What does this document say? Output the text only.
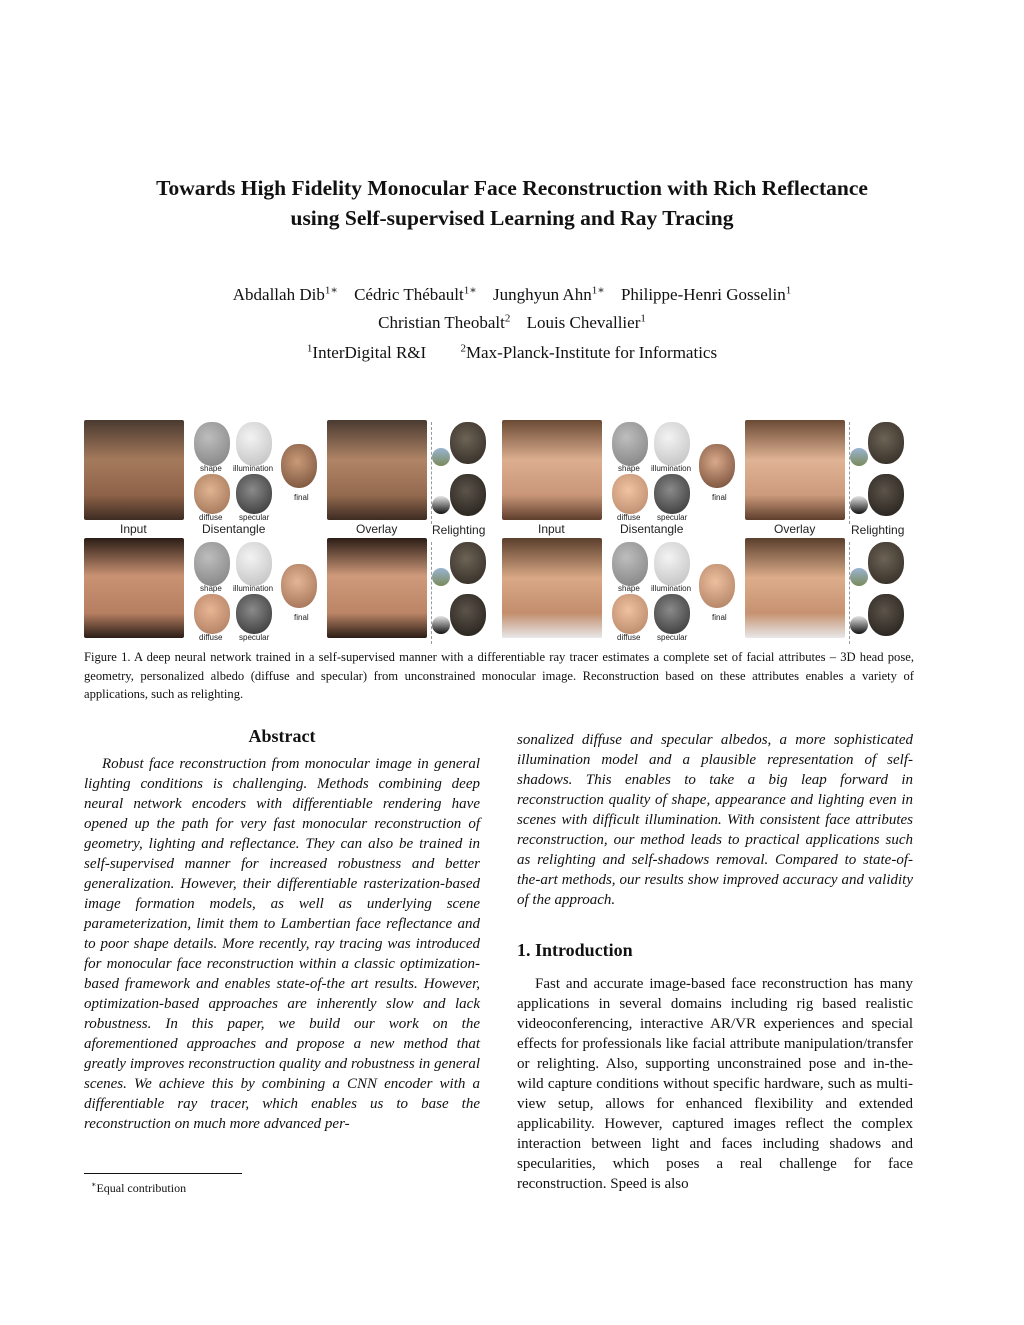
Towards High Fidelity Monocular Face Reconstruction with Rich Reflectance
using Self-supervised Learning and Ray Tracing
Abdallah Dib$^{1∗}$ Cédric Thébault$^{1∗}$ Junghyun Ahn$^{1∗}$ Philippe-Henri Gosselin$^1$
Christian Theobalt$^2$ Louis Chevallier$^1$
$^1$InterDigital R&I	$^2$Max-Planck-Institute for Informatics
shape illumination
diffuse specular
final
shape illumination
diffuse specular
final
Input	Disentangle	Overlay	Relighting	Input	Disentangle	Overlay	Relighting
shape illumination
diffuse specular
final
shape illumination
diffuse specular
final
Figure 1. A deep neural network trained in a self-supervised manner with a differentiable ray tracer estimates a complete set of facial attributes – 3D head pose, geometry, personalized albedo (diffuse and specular) from unconstrained monocular image. Reconstruction based on these attributes enables a variety of applications, such as relighting.
Abstract
Robust face reconstruction from monocular image in general lighting conditions is challenging. Methods combining deep neural network encoders with differentiable rendering have opened up the path for very fast monocular reconstruction of geometry, lighting and reflectance. They can also be trained in self-supervised manner for increased robustness and better generalization. However, their differentiable rasterization-based image formation models, as well as underlying scene parameterization, limit them to Lambertian face reflectance and to poor shape details. More recently, ray tracing was introduced for monocular face reconstruction within a classic optimization-based framework and enables state-of-the art results. However, optimization-based approaches are inherently slow and lack robustness. In this paper, we build our work on the aforementioned approaches and propose a new method that greatly improves reconstruction quality and robustness in general scenes. We achieve this by combining a CNN encoder with a differentiable ray tracer, which enables us to base the reconstruction on much more advanced per-
sonalized diffuse and specular albedos, a more sophisticated illumination model and a plausible representation of self-shadows. This enables to take a big leap forward in reconstruction quality of shape, appearance and lighting even in scenes with difficult illumination. With consistent face attributes reconstruction, our method leads to practical applications such as relighting and self-shadows removal. Compared to state-of-the-art methods, our results show improved accuracy and validity of the approach.
1. Introduction
Fast and accurate image-based face reconstruction has many applications in several domains including rig based realistic videoconferencing, interactive AR/VR experiences and special effects for professionals like facial attribute manipulation/transfer or relighting. Also, supporting unconstrained pose and in-the-wild capture conditions without specific hardware, such as multi-view setup, allows for enhanced flexibility and extended applicability. However, captured images reflect the complex interaction between light and faces including shadows and specularities, which poses a real challenge for face reconstruction. Speed is also
∗Equal contribution
